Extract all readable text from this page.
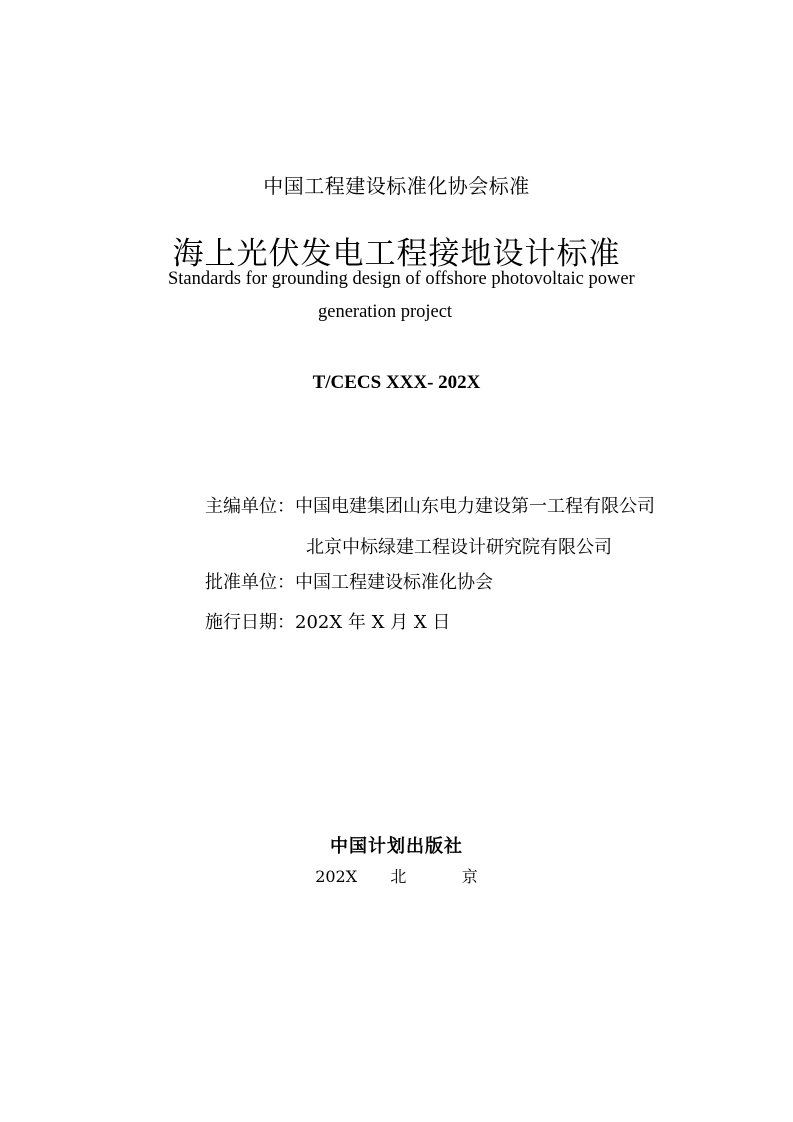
中国工程建设标准化协会标准
海上光伏发电工程接地设计标准
Standards for grounding design of offshore photovoltaic power
generation project
T/CECS XXX- 202X
主编单位：中国电建集团山东电力建设第一工程有限公司
北京中标绿建工程设计研究院有限公司
批准单位：中国工程建设标准化协会
施行日期：202X 年 X 月 X 日
中国计划出版社
202X   北     京
